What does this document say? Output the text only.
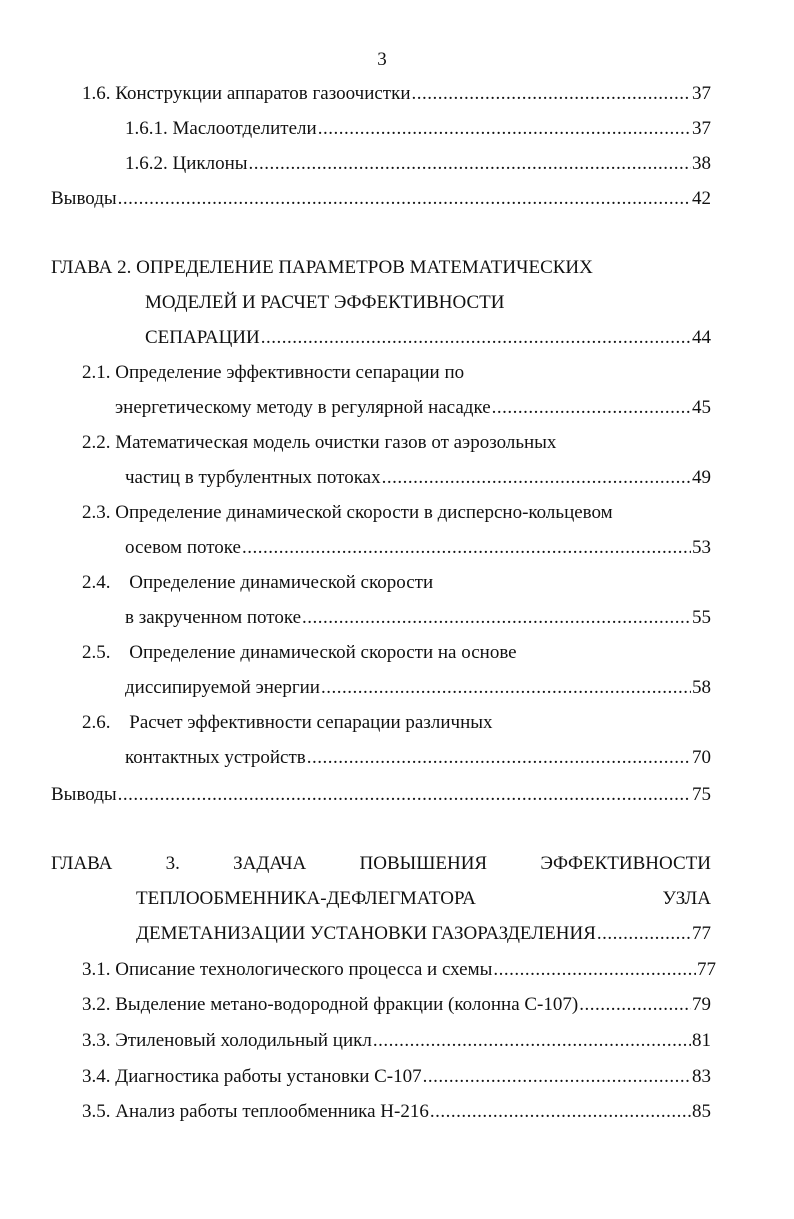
3
1.6. Конструкции аппаратов газоочистки .....	37
1.6.1. Маслоотделители .....	37
1.6.2. Циклоны .....	38
Выводы .....	42
ГЛАВА 2. ОПРЕДЕЛЕНИЕ ПАРАМЕТРОВ МАТЕМАТИЧЕСКИХ
МОДЕЛЕЙ И РАСЧЕТ ЭФФЕКТИВНОСТИ
СЕПАРАЦИИ .....	44
2.1. Определение эффективности сепарации по
энергетическому методу в регулярной насадке .....	45
2.2. Математическая модель очистки газов от аэрозольных
частиц в турбулентных потоках .....	49
2.3. Определение динамической скорости в дисперсно-кольцевом
осевом потоке .....	53
2.4. Определение динамической скорости
в закрученном потоке .....	55
2.5. Определение динамической скорости на основе
диссипируемой энергии .....	58
2.6. Расчет эффективности сепарации различных
контактных устройств .....	70
Выводы .....	75
ГЛАВА	3.	ЗАДАЧА	ПОВЫШЕНИЯ	ЭФФЕКТИВНОСТИ
ТЕПЛООБМЕННИКА-ДЕФЛЕГМАТОРА	УЗЛА
ДЕМЕТАНИЗАЦИИ УСТАНОВКИ ГАЗОРАЗДЕЛЕНИЯ .....	77
3.1. Описание технологического процесса и схемы .....	77
3.2. Выделение метано-водородной фракции (колонна С-107) .....	79
3.3. Этиленовый холодильный цикл .....	81
3.4. Диагностика работы установки С-107 .....	83
3.5. Анализ работы теплообменника Н-216 .....	85
